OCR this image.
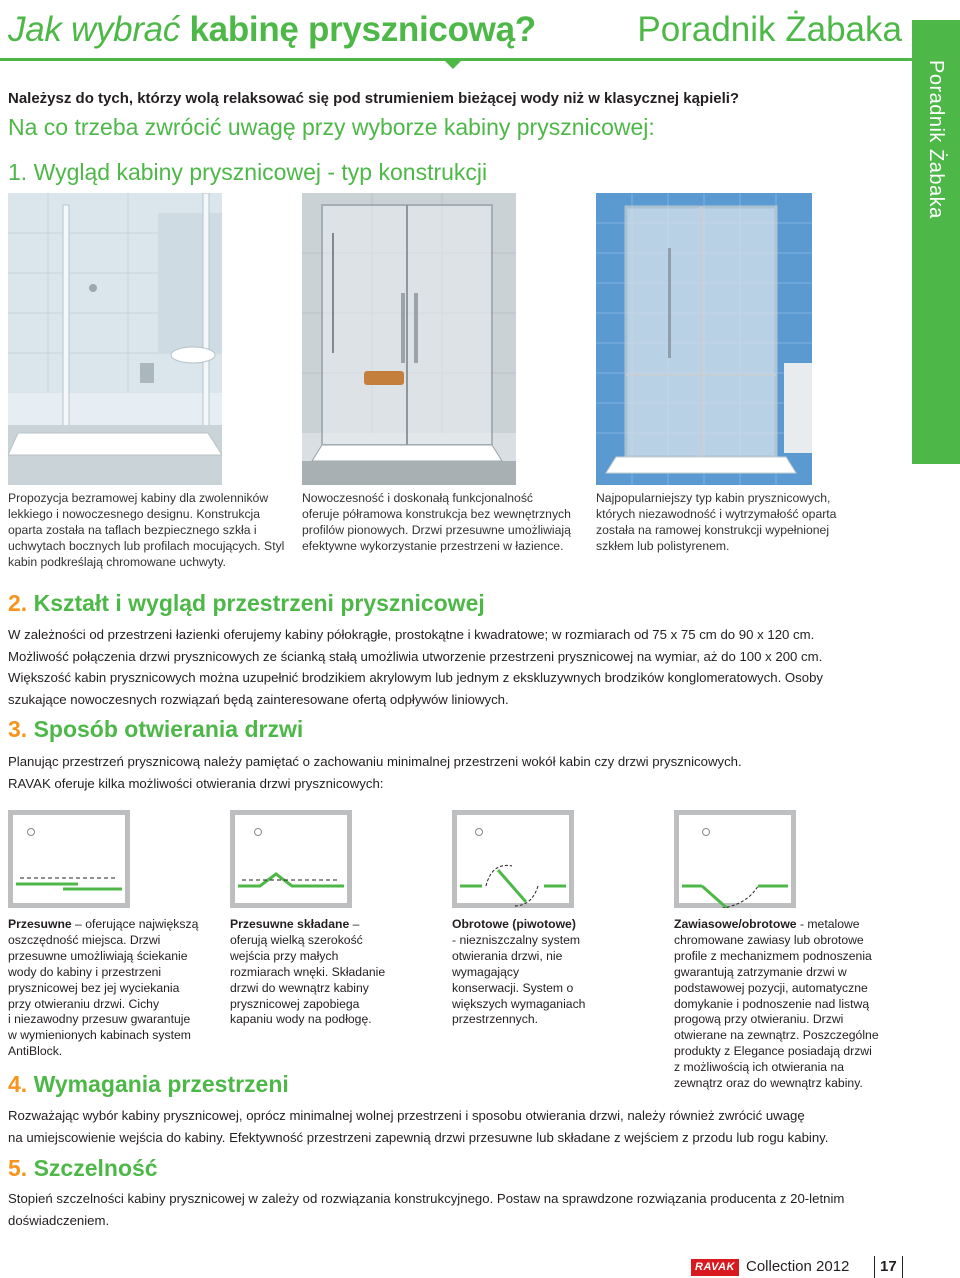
Jak wybrać kabinę prysznicową?	Poradnik Żabaka
Poradnik Żabaka
Należysz do tych, którzy wolą relaksować się pod strumieniem bieżącej wody niż w klasycznej kąpieli?
Na co trzeba zwrócić uwagę przy wyborze kabiny prysznicowej:
1. Wygląd kabiny prysznicowej - typ konstrukcji
Propozycja bezramowej kabiny dla zwolenników lekkiego i nowoczesnego designu. Konstrukcja oparta została na taflach bezpiecznego szkła i uchwytach bocznych lub profilach mocujących. Styl kabin podkreślają chromowane uchwyty.
Nowoczesność i doskonałą funkcjonalność oferuje półramowa konstrukcja bez wewnętrznych profilów pionowych. Drzwi przesuwne umożliwiają efektywne wykorzystanie przestrzeni w łazience.
Najpopularniejszy typ kabin prysznicowych, których niezawodność i wytrzymałość oparta została na ramowej konstrukcji wypełnionej szkłem lub polistyrenem.
2. Kształt i wygląd przestrzeni prysznicowej
W zależności od przestrzeni łazienki oferujemy kabiny półokrągłe, prostokątne i kwadratowe; w rozmiarach od 75 x 75 cm do 90 x 120 cm.
Możliwość połączenia drzwi prysznicowych ze ścianką stałą umożliwia utworzenie przestrzeni prysznicowej na wymiar, aż do 100 x 200 cm.
Większość kabin prysznicowych można uzupełnić brodzikiem akrylowym lub jednym z ekskluzywnych brodzików konglomeratowych. Osoby
szukające nowoczesnych rozwiązań będą zainteresowane ofertą odpływów liniowych.
3. Sposób otwierania drzwi
Planując przestrzeń prysznicową należy pamiętać o zachowaniu minimalnej przestrzeni wokół kabin czy drzwi prysznicowych.
RAVAK oferuje kilka możliwości otwierania drzwi prysznicowych:
Przesuwne – oferujące największą
oszczędność miejsca. Drzwi
przesuwne umożliwiają ściekanie
wody do kabiny i przestrzeni
prysznicowej bez jej wyciekania
przy otwieraniu drzwi. Cichy
i niezawodny przesuw gwarantuje
w wymienionych kabinach system
AntiBlock.
Przesuwne składane –
oferują wielką szerokość
wejścia przy małych
rozmiarach wnęki. Składanie
drzwi do wewnątrz kabiny
prysznicowej zapobiega
kapaniu wody na podłogę.
Obrotowe (piwotowe)
- niezniszczalny system
otwierania drzwi, nie
wymagający
konserwacji. System o
większych wymaganiach
przestrzennych.
Zawiasowe/obrotowe - metalowe
chromowane zawiasy lub obrotowe
profile z mechanizmem podnoszenia
gwarantują zatrzymanie drzwi w
podstawowej pozycji, automatyczne
domykanie i podnoszenie nad listwą
progową przy otwieraniu. Drzwi
otwierane na zewnątrz. Poszczególne
produkty z Elegance posiadają drzwi
z możliwością ich otwierania na
zewnątrz oraz do wewnątrz kabiny.
4. Wymagania przestrzeni
Rozważając wybór kabiny prysznicowej, oprócz minimalnej wolnej przestrzeni i sposobu otwierania drzwi, należy również zwrócić uwagę
na umiejscowienie wejścia do kabiny. Efektywność przestrzeni zapewnią drzwi przesuwne lub składane z wejściem z przodu lub rogu kabiny.
5. Szczelność
Stopień szczelności kabiny prysznicowej w zależy od rozwiązania konstrukcyjnego. Postaw na sprawdzone rozwiązania producenta z 20-letnim
doświadczeniem.
RAVAK Collection 2012 17
